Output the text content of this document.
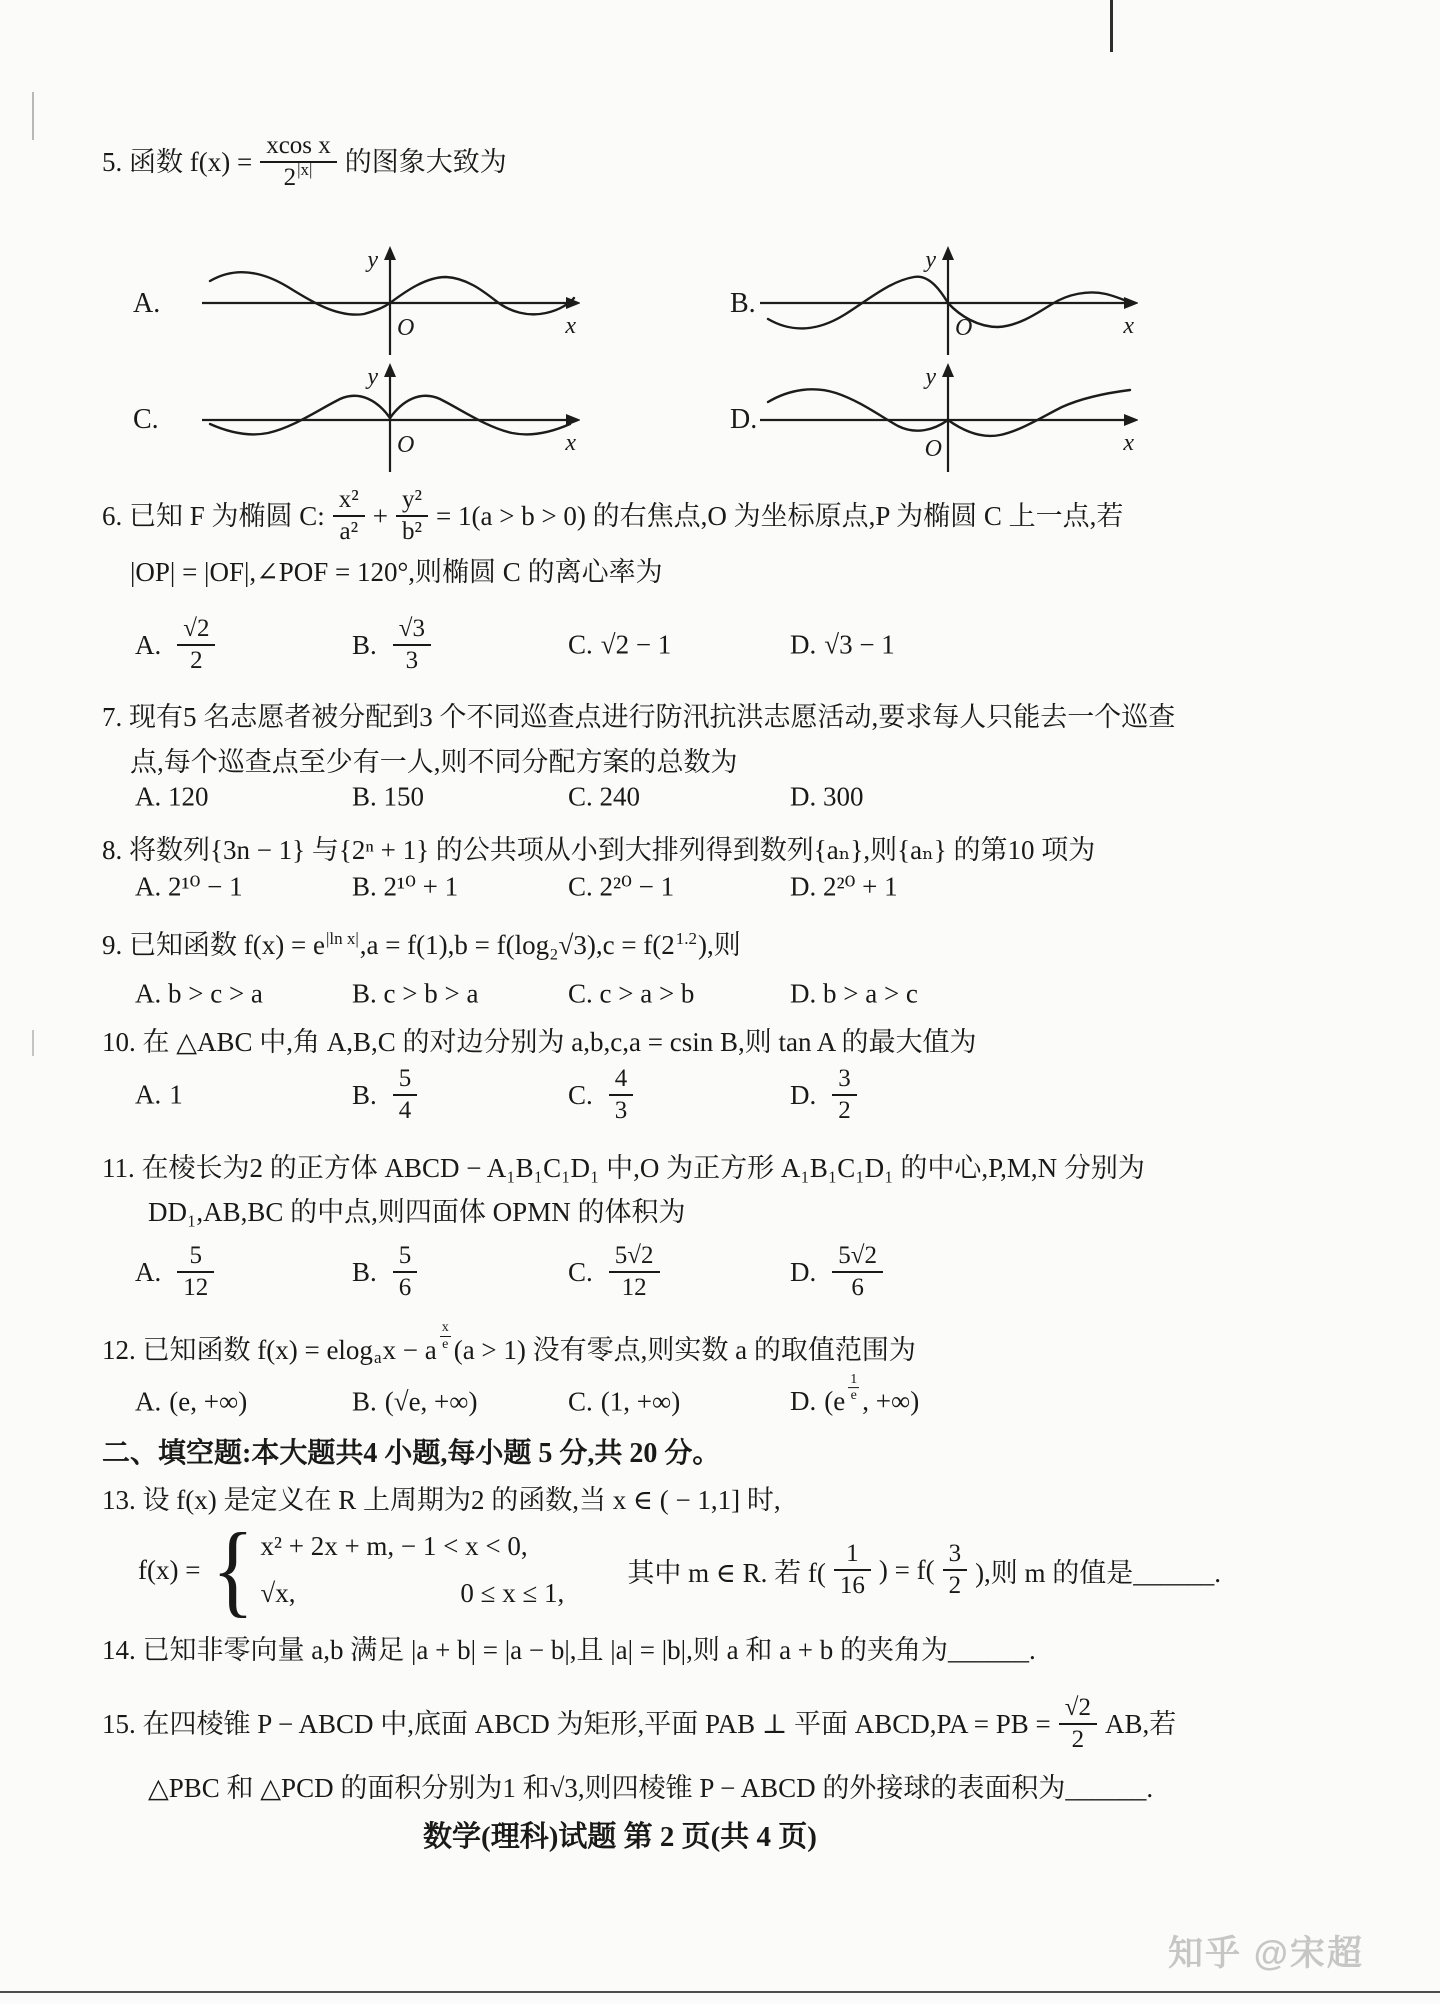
5. 函数 $f(x) = \frac{\text{xcos x}}{2^{|x|}}$ 的图象大致为
A.
y
O	x
B.
y
O	x
C.
y
O	x
D.
y
O	x
6. 已知 F 为椭圆 C: $\frac{\text{x²}}{\text{a²}} + \frac{\text{y²}}{\text{b²}} = 1(a > b > 0)$ 的右焦点,O 为坐标原点,P 为椭圆 C 上一点,若
|OP| = |OF|,∠POF = 120°,则椭圆 C 的离心率为
A. $\frac{√2}{2}$	B. $\frac{√3}{3}$	C. √2 − 1	D. √3 − 1
7. 现有5 名志愿者被分配到3 个不同巡查点进行防汛抗洪志愿活动,要求每人只能去一个巡查
点,每个巡查点至少有一人,则不同分配方案的总数为
A. 120	B. 150	C. 240	D. 300
8. 将数列{3n − 1} 与{2ⁿ + 1} 的公共项从小到大排列得到数列{aₙ},则{aₙ} 的第10 项为
A. 2¹⁰ − 1	B. 2¹⁰ + 1	C. 2²⁰ − 1	D. 2²⁰ + 1
9. 已知函数 $f(x) = e^{|ln x|},a = f(1),b = f(\log_2√3),c = f(2^{1.2})$,则
A. b > c > a	B. c > b > a	C. c > a > b	D. b > a > c
10. 在 △ABC 中,角 A,B,C 的对边分别为 a,b,c,a = csin B,则 tan A 的最大值为
A. 1	B. $\frac{5}{4}$	C. $\frac{4}{3}$	D. $\frac{3}{2}$
11. 在棱长为2 的正方体 ABCD − A₁B₁C₁D₁ 中,O 为正方形 A₁B₁C₁D₁ 的中心,P,M,N 分别为
DD₁,AB,BC 的中点,则四面体 OPMN 的体积为
A. $\frac{5}{12}$	B. $\frac{5}{6}$	C. $\frac{5√2}{12}$	D. $\frac{5√2}{6}$
12. 已知函数 f(x) = elog a x − a $\frac{x}{e} (a > 1)$ 没有零点,则实数 a 的取值范围为
A. (e, +∞)	B. (√e, +∞)	C. (1, +∞)	D. ($e \frac{1}{e}$ , +∞)
二、填空题:本大题共4 小题,每小题 5 分,共 20 分。
13. 设 f(x) 是定义在 R 上周期为2 的函数,当 x ∈ ( − 1,1] 时,
f(x) = { x² + 2x + m, − 1 < x < 0,
√x,	0 ≤ x ≤ 1,
其中 m ∈ R. 若 $f( \frac{1}{16}$ ) = $f( \frac{3}{2}$ ),则 m 的值是______.
14. 已知非零向量 a,b 满足 |a + b| = |a − b|,且 |a| = |b|,则 a 和 a + b 的夹角为______.
15. 在四棱锥 P − ABCD 中,底面 ABCD 为矩形,平面 PAB ⊥ 平面 ABCD,PA = PB = $\frac{√2}{2}$ AB,若
△PBC 和 △PCD 的面积分别为1 和√3,则四棱锥 P − ABCD 的外接球的表面积为______.
数学(理科)试题 第 2 页(共 4 页)
知乎 @宋超
